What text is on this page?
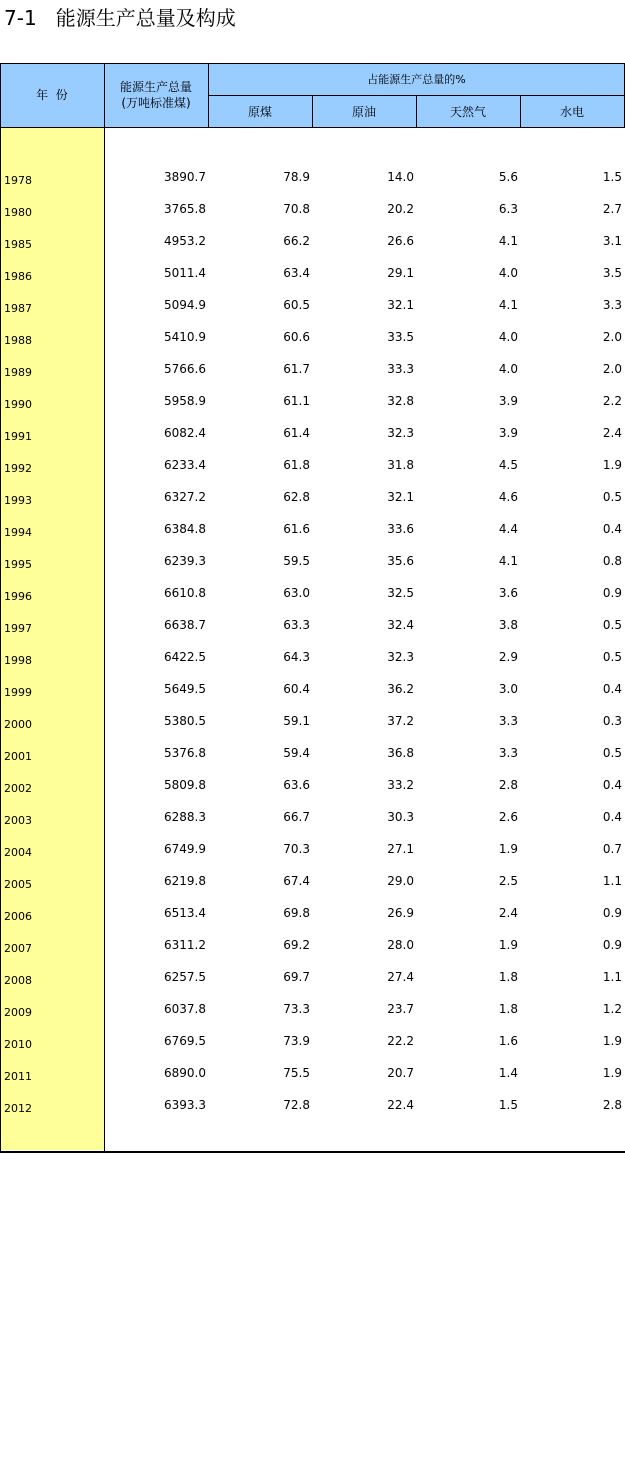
7-1   能源生产总量及构成
年  份
能源生产总量
(万吨标准煤)
占能源生产总量的%
原煤	原油	天然气	水电
1978	3890.7	78.9	14.0	5.6	1.5
1980	3765.8	70.8	20.2	6.3	2.7
1985	4953.2	66.2	26.6	4.1	3.1
1986	5011.4	63.4	29.1	4.0	3.5
1987	5094.9	60.5	32.1	4.1	3.3
1988	5410.9	60.6	33.5	4.0	2.0
1989	5766.6	61.7	33.3	4.0	2.0
1990	5958.9	61.1	32.8	3.9	2.2
1991	6082.4	61.4	32.3	3.9	2.4
1992	6233.4	61.8	31.8	4.5	1.9
1993	6327.2	62.8	32.1	4.6	0.5
1994	6384.8	61.6	33.6	4.4	0.4
1995	6239.3	59.5	35.6	4.1	0.8
1996	6610.8	63.0	32.5	3.6	0.9
1997	6638.7	63.3	32.4	3.8	0.5
1998	6422.5	64.3	32.3	2.9	0.5
1999	5649.5	60.4	36.2	3.0	0.4
2000	5380.5	59.1	37.2	3.3	0.3
2001	5376.8	59.4	36.8	3.3	0.5
2002	5809.8	63.6	33.2	2.8	0.4
2003	6288.3	66.7	30.3	2.6	0.4
2004	6749.9	70.3	27.1	1.9	0.7
2005	6219.8	67.4	29.0	2.5	1.1
2006	6513.4	69.8	26.9	2.4	0.9
2007	6311.2	69.2	28.0	1.9	0.9
2008	6257.5	69.7	27.4	1.8	1.1
2009	6037.8	73.3	23.7	1.8	1.2
2010	6769.5	73.9	22.2	1.6	1.9
2011	6890.0	75.5	20.7	1.4	1.9
2012	6393.3	72.8	22.4	1.5	2.8
